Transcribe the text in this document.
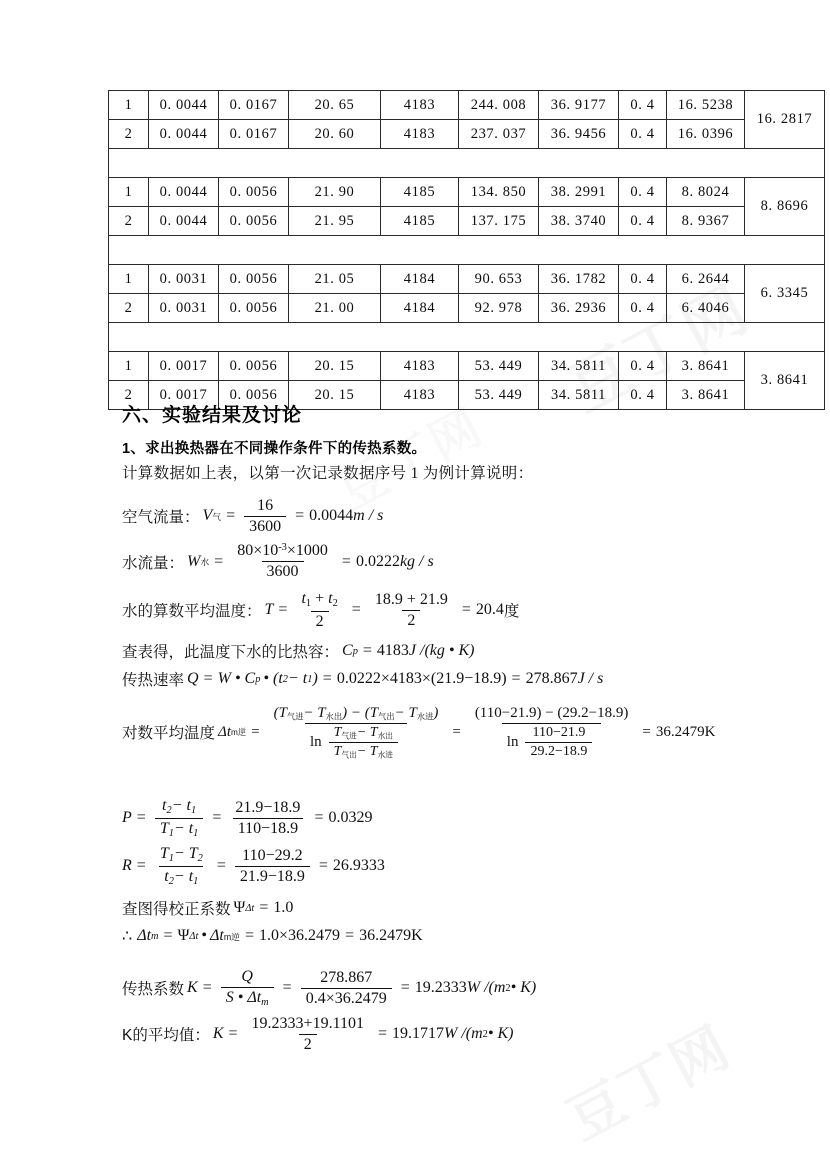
1	0. 0044	0. 0167	20. 65	4183	244. 008	36. 9177	0. 4	16. 5238	16. 2817
2	0. 0044	0. 0167	20. 60	4183	237. 037	36. 9456	0. 4	16. 0396	

1	0. 0044	0. 0056	21. 90	4185	134. 850	38. 2991	0. 4	8. 8024	8. 8696
2	0. 0044	0. 0056	21. 95	4185	137. 175	38. 3740	0. 4	8. 9367	

1	0. 0031	0. 0056	21. 05	4184	90. 653	36. 1782	0. 4	6. 2644	6. 3345
2	0. 0031	0. 0056	21. 00	4184	92. 978	36. 2936	0. 4	6. 4046	

1	0. 0017	0. 0056	20. 15	4183	53. 449	34. 5811	0. 4	3. 8641	3. 8641
2	0. 0017	0. 0056	20. 15	4183	53. 449	34. 5811	0. 4	3. 8641	
六、实验结果及讨论
1、求出换热器在不同操作条件下的传热系数。
计算数据如上表，以第一次记录数据序号 1 为例计算说明：
空气流量： V 气 = $\frac{16}{3600} = 0.0044$ m / s
水流量： W 水 = $\frac{80\times 10^{-3}\times 1000}{3600} = 0.0222$ kg / s
水的算数平均温度： $T = \frac{t_1 + t_2}{2} = \frac{18.9 + 21.9}{2} = 20.4$ 度
查表得，此温度下水的比热容： C p = 4183 J /(kg • K)
传热速率 Q = W • C p • (t 2 − t 1 ) = 0.0222×4183×(21.9−18.9) = 278.867 J / s
对数平均温度 Δt m逆 = $\frac{(T_{气进}- T_{水出}) - (T_{气出}- T_{水进})}{\ln \frac{T_{气进}- T_{水出}}{T_{气出}- T_{水进}}} = \frac{(110-21.9) - (29.2-18.9)}{\ln \frac{110-21.9}{29.2-18.9}} = 36.2479K$
$P = \frac{t_2- t_1}{T_1- t_1} = \frac{21.9-18.9}{110-18.9} = 0.0329$
$R = \frac{T_1- T_2}{t_2- t_1} = \frac{110-29.2}{21.9-18.9} = 26.9333$
查图得校正系数 Ψ Δt = 1.0
∴ Δt m = Ψ Δt • Δt m逆 = 1.0×36.2479 = 36.2479K
传热系数 $K = \frac{Q}{S • \Delta t_m} = \frac{278.867}{0.4\times 36.2479} = 19.2333$ W /(m 2 • K)
K的平均值： $K = \frac{19.2333+19.1101}{2} = 19.1717$ W /(m 2 • K)
